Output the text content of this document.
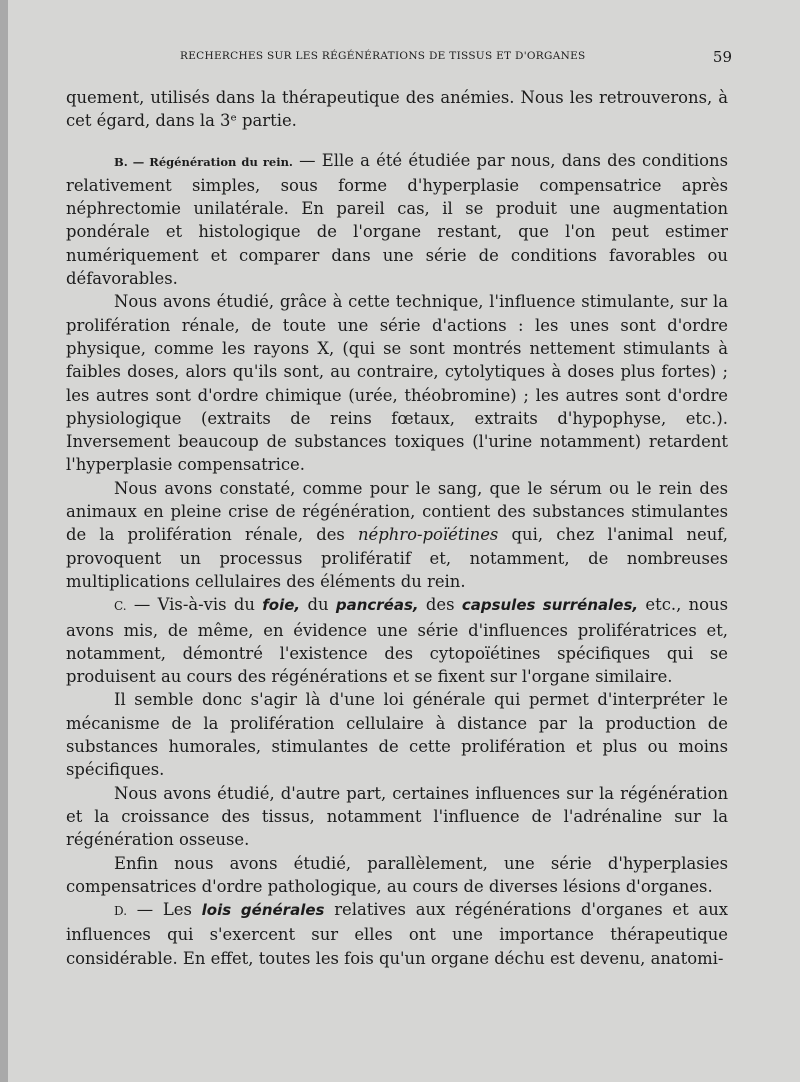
RECHERCHES SUR LES RÉGÉNÉRATIONS DE TISSUS ET D'ORGANES	59

quement, utilisés dans la thérapeutique des anémies. Nous les retrouverons, à cet égard, dans la 3ᵉ partie.

B. — Régénération du rein. — Elle a été étudiée par nous, dans des conditions relativement simples, sous forme d'hyperplasie compensatrice après néphrectomie unilatérale. En pareil cas, il se produit une augmentation pondérale et histologique de l'organe restant, que l'on peut estimer numériquement et comparer dans une série de conditions favorables ou défavorables.

Nous avons étudié, grâce à cette technique, l'influence stimulante, sur la prolifération rénale, de toute une série d'actions : les unes sont d'ordre physique, comme les rayons X, (qui se sont montrés nettement stimulants à faibles doses, alors qu'ils sont, au contraire, cytolytiques à doses plus fortes) ; les autres sont d'ordre chimique (urée, théobromine) ; les autres sont d'ordre physiologique (extraits de reins fœtaux, extraits d'hypophyse, etc.). Inversement beaucoup de substances toxiques (l'urine notamment) retardent l'hyperplasie compensatrice.

Nous avons constaté, comme pour le sang, que le sérum ou le rein des animaux en pleine crise de régénération, contient des substances stimulantes de la prolifération rénale, des néphro-poïétines qui, chez l'animal neuf, provoquent un processus prolifératif et, notamment, de nombreuses multiplications cellulaires des éléments du rein.

C. — Vis-à-vis du foie, du pancréas, des capsules surrénales, etc., nous avons mis, de même, en évidence une série d'influences prolifératrices et, notamment, démontré l'existence des cytopoïétines spécifiques qui se produisent au cours des régénérations et se fixent sur l'organe similaire.

Il semble donc s'agir là d'une loi générale qui permet d'interpréter le mécanisme de la prolifération cellulaire à distance par la production de substances humorales, stimulantes de cette prolifération et plus ou moins spécifiques.

Nous avons étudié, d'autre part, certaines influences sur la régénération et la croissance des tissus, notamment l'influence de l'adrénaline sur la régénération osseuse.

Enfin nous avons étudié, parallèlement, une série d'hyperplasies compensatrices d'ordre pathologique, au cours de diverses lésions d'organes.

D. — Les lois générales relatives aux régénérations d'organes et aux influences qui s'exercent sur elles ont une importance thérapeutique considérable. En effet, toutes les fois qu'un organe déchu est devenu, anatomi-
